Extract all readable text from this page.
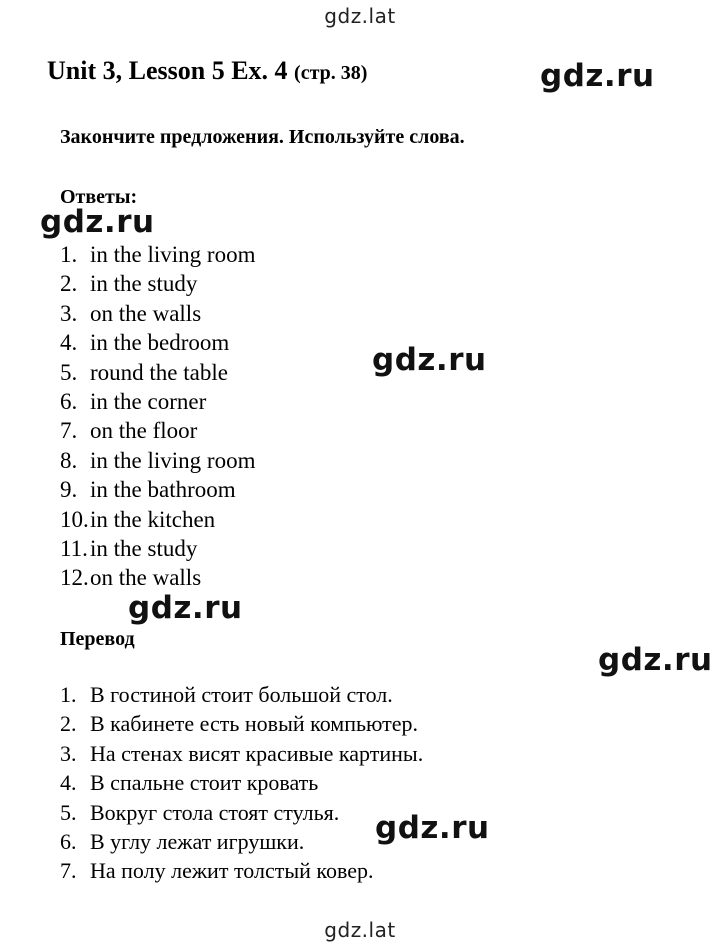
gdz.lat
Unit 3, Lesson 5 Ex. 4 (стр. 38)
Закончите предложения. Используйте слова.
Ответы:
1. in the living room
2. in the study
3. on the walls
4. in the bedroom
5. round the table
6. in the corner
7. on the floor
8. in the living room
9. in the bathroom
10.in the kitchen
11.in the study
12.on the walls
Перевод
1. В гостиной стоит большой стол.
2. В кабинете есть новый компьютер.
3. На стенах висят красивые картины.
4. В спальне стоит кровать
5. Вокруг стола стоят стулья.
6. В углу лежат игрушки.
7. На полу лежит толстый ковер.
gdz.ru
gdz.ru
gdz.ru
gdz.ru
gdz.ru
gdz.ru
gdz.lat
